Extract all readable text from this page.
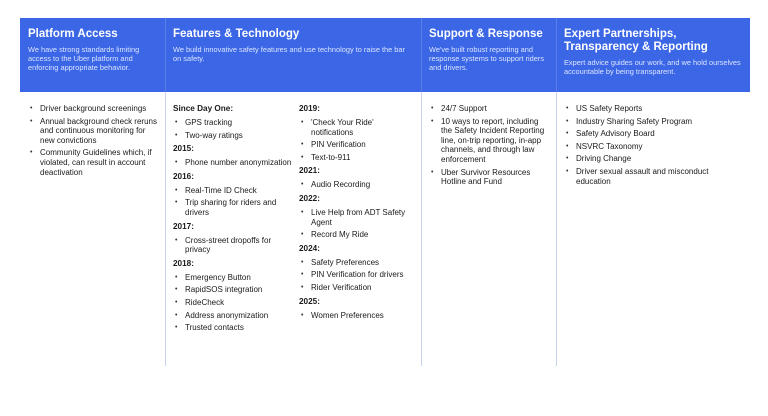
Platform Access

We have strong standards limiting access to the Uber platform and enforcing appropriate behavior.

Features & Technology

We build innovative safety features and use technology to raise the bar on safety.

Support & Response

We've built robust reporting and response systems to support riders and drivers.

Expert Partnerships, Transparency & Reporting

Expert advice guides our work, and we hold ourselves accountable by being transparent.

• Driver background screenings
• Annual background check reruns and continuous monitoring for new convictions
• Community Guidelines which, if violated, can result in account deactivation
Since Day One:
• GPS tracking
• Two-way ratings
2015:
• Phone number anonymization
2016:
• Real-Time ID Check
• Trip sharing for riders and drivers
2017:
• Cross-street dropoffs for privacy
2018:
• Emergency Button
• RapidSOS integration
• RideCheck
• Address anonymization
• Trusted contacts
2019:
• 'Check Your Ride' notifications
• PIN Verification
• Text-to-911
2021:
• Audio Recording
2022:
• Live Help from ADT Safety Agent
• Record My Ride
2024:
• Safety Preferences
• PIN Verification for drivers
• Rider Verification
2025:
• Women Preferences
• 24/7 Support
• 10 ways to report, including the Safety Incident Reporting line, on-trip reporting, in-app channels, and through law enforcement
• Uber Survivor Resources Hotline and Fund
• US Safety Reports
• Industry Sharing Safety Program
• Safety Advisory Board
• NSVRC Taxonomy
• Driving Change
• Driver sexual assault and misconduct education
